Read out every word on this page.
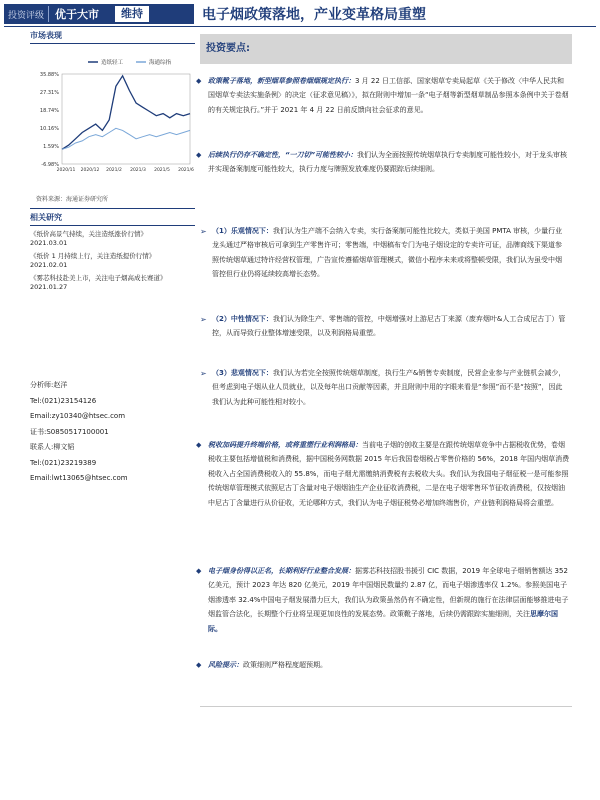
投资评级	优于大市	维持	电子烟政策落地，产业变革格局重塑
市场表现
35.88%
27.31%
18.74%
10.16%
1.59%
-6.98%
2020/11 2020/12 2021/2 2021/3 2021/5 2021/6
造纸轻工	海通综指
资料来源：海通证券研究所
相关研究
《纸价高景气持续，关注造纸涨价行情》
2021.03.01
《纸价 1 月持续上行，关注造纸提价行情》
2021.02.01
《雾芯科技赴美上市，关注电子烟高成长赛道》
2021.01.27
分析师:赵洋
Tel:(021)23154126
Email:zy10340@htsec.com
证书:S0850517100001
联系人:柳文韬
Tel:(021)23219389
Email:lwt13065@htsec.com
投资要点:
◆ 政策靴子落地，新型烟草参照卷烟烟规定执行：3 月 22 日工信部、国家烟草专卖局起草《关于修改〈中华人民共和国烟草专卖法实施条例〉的决定（征求意见稿）》，拟在附则中增加一条“电子烟等新型烟草制品参照本条例中关于卷烟的有关规定执行。”并于 2021 年 4 月 22 日前反馈向社会征求的意见。
◆ 后续执行仍存不确定性，“一刀切”可能性较小：我们认为全面按照传统烟草执行专卖制度可能性较小，对于龙头审核并实现备案制度可能性较大，执行力度与牌照发放难度仍要跟踪后续细则。
➢ （1）乐观情况下：我们认为生产端不会纳入专卖，实行备案制可能性比较大，类似于美国 PMTA 审核，少量行业龙头通过严格审核后可拿到生产零售许可；零售端，中烟稿布专门为电子烟设定的专卖许可证，品牌商线下渠道参照传统烟草通过特许经营权管理，广告宣传遵循烟草管理模式，微信小程序未来或将整顿受限，我们认为虽受中烟管控但行业仍将延续较高增长态势。
➢ （2）中性情况下：我们认为除生产、零售端的管控，中烟增强对上游尼古丁来源（废弃烟叶&人工合成尼古丁）管控，从而导致行业整体增速受限，以及利润格局重塑。
➢ （3）悲观情况下：我们认为若完全按照传统烟草制度，执行生产&销售专卖制度，民营企业参与产业链机会减少，但考虑到电子烟从业人员就业，以及每年出口贡献等因素，并且附则中用的字眼来看是“参照”而不是“按照”，因此我们认为此种可能性相对较小。
◆ 税收加码提升终端价格，或将重塑行业利润格局：当前电子烟的创收主要是在跟传统烟草竞争中占据税收优势，卷烟税收主要包括增值税和消费税，据中国税务网数据 2015 年后我国卷烟税占零售价格的 56%，2018 年国内烟草消费税收入占全国消费税收入的 55.8%，而电子烟尤需缴纳消费税有去税收大头。我们认为我国电子烟征税一是可能参照传统烟草管理模式依照尼古丁含量对电子烟烟油生产企业征收消费税，二是在电子烟零售环节征收消费税，仅按烟油中尼古丁含量进行从价征收，无论哪种方式，我们认为电子烟征税势必增加终端售价，产业链利润格局将会重塑。
◆ 电子烟身份得以正名，长期利好行业整合发展：据雾芯科技招股书援引 CIC 数据，2019 年全球电子烟销售额达 352 亿美元，预计 2023 年达 820 亿美元，2019 年中国烟民数量约 2.87 亿，而电子烟渗透率仅 1.2%。参照美国电子烟渗透率 32.4%中国电子烟发展潜力巨大，我们认为政策虽然仍有不确定性，但新规的施行在法律层面能够推进电子烟监管合法化，长期整个行业将呈现更加良性的发展态势。政策靴子落地，后续仍需跟踪实施细则，关注思摩尔国际。
◆ 风险提示：政策细则严格程度超预期。
